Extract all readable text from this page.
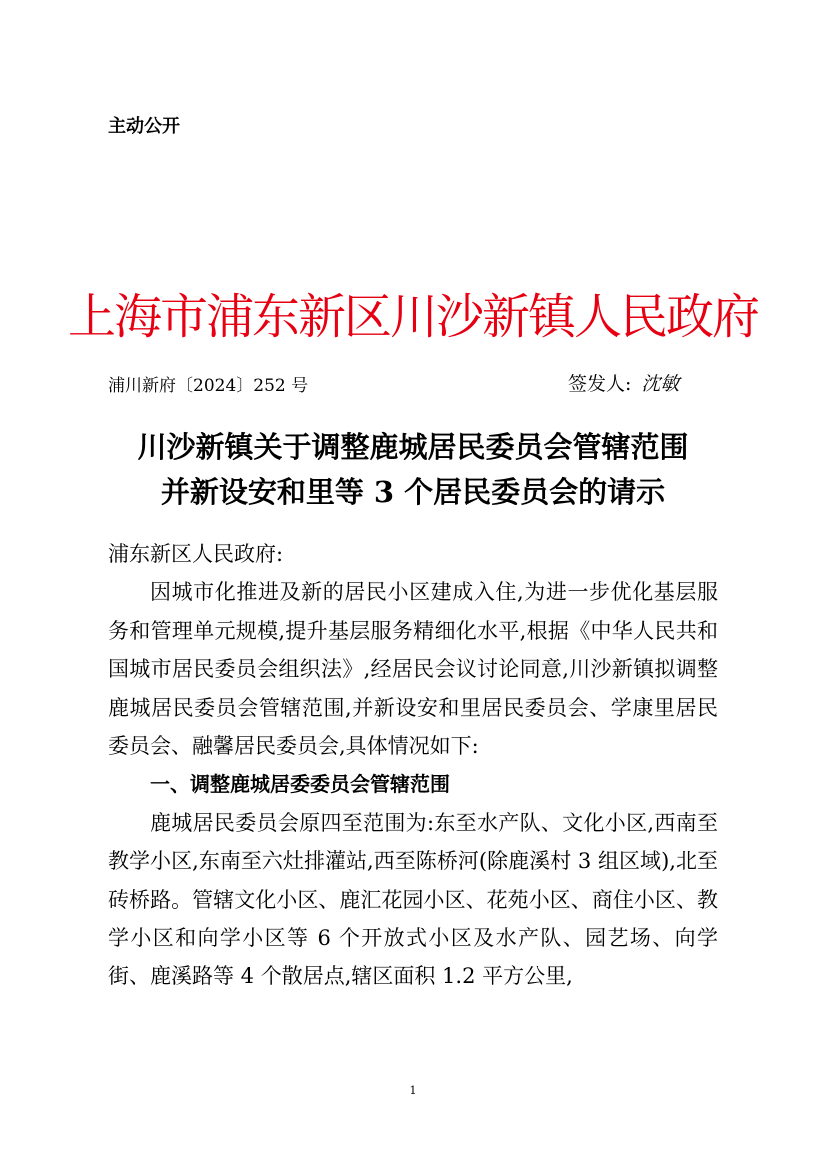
主动公开
上海市浦东新区川沙新镇人民政府
浦川新府〔2024〕252 号	签发人: 沈敏
川沙新镇关于调整鹿城居民委员会管辖范围
并新设安和里等 3 个居民委员会的请示

浦东新区人民政府:

因城市化推进及新的居民小区建成入住,为进一步优化基层服务和管理单元规模,提升基层服务精细化水平,根据《中华人民共和国城市居民委员会组织法》,经居民会议讨论同意,川沙新镇拟调整鹿城居民委员会管辖范围,并新设安和里居民委员会、学康里居民委员会、融馨居民委员会,具体情况如下:

一、调整鹿城居委委员会管辖范围

鹿城居民委员会原四至范围为:东至水产队、文化小区,西南至教学小区,东南至六灶排灌站,西至陈桥河(除鹿溪村 3 组区域),北至砖桥路。管辖文化小区、鹿汇花园小区、花苑小区、商住小区、教学小区和向学小区等 6 个开放式小区及水产队、园艺场、向学街、鹿溪路等 4 个散居点,辖区面积 1.2 平方公里,

1
